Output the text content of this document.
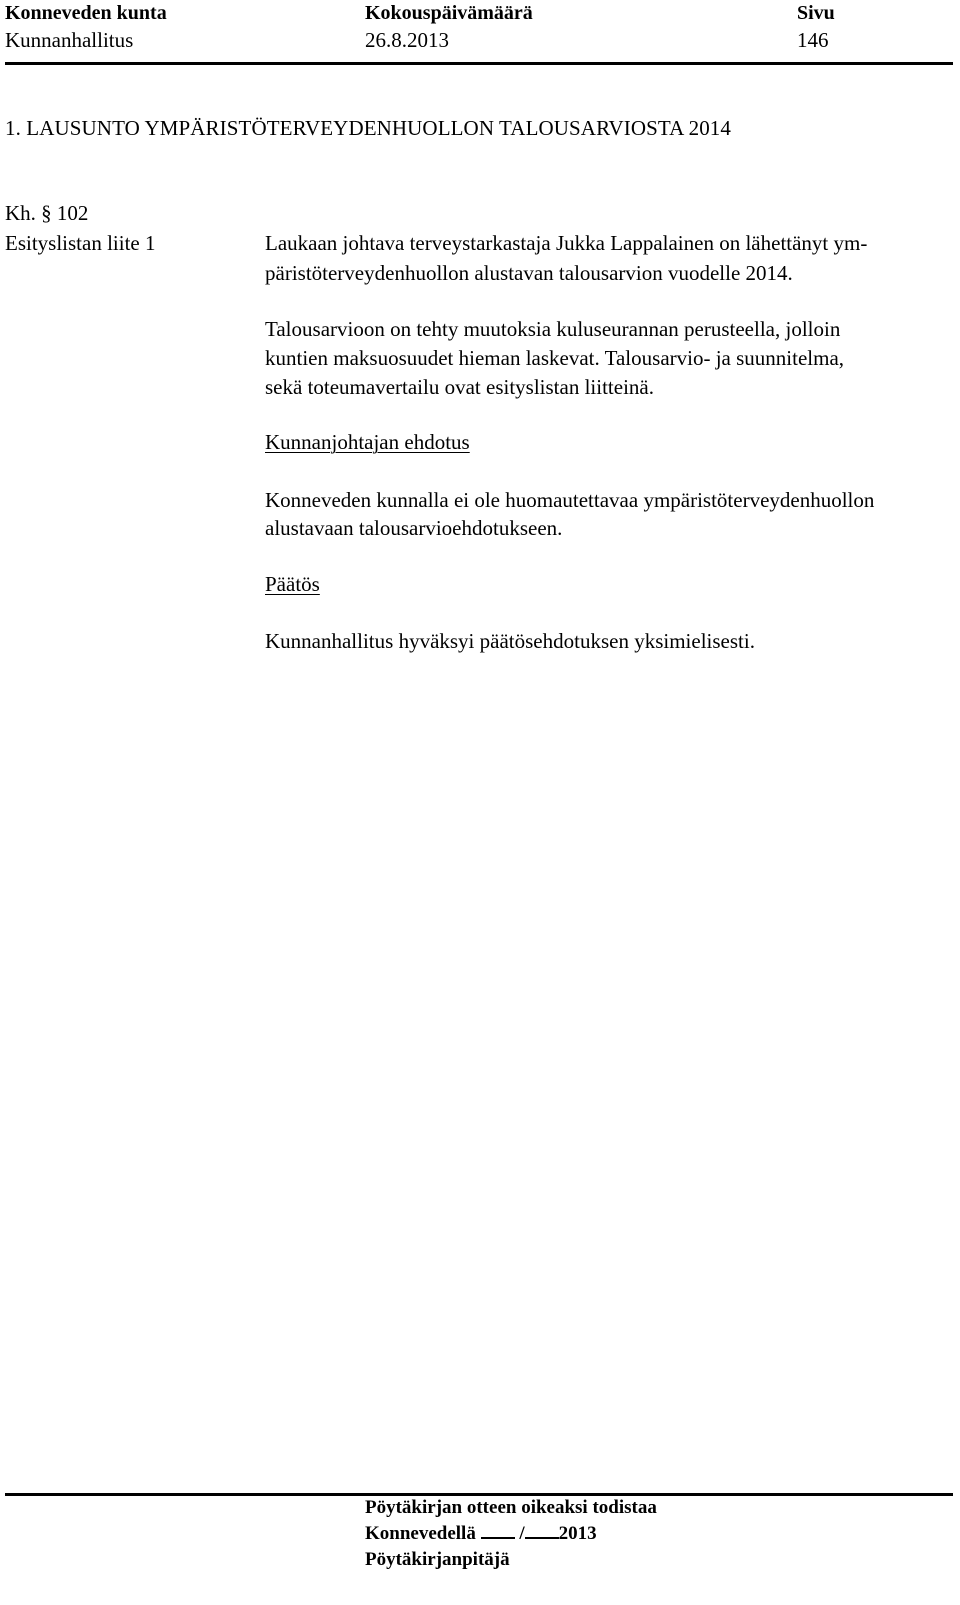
Konneveden kunta	Kokouspäivämäärä	Sivu
Kunnanhallitus	26.8.2013	146
1. LAUSUNTO YMPÄRISTÖTERVEYDENHUOLLON TALOUSARVIOSTA 2014
Kh. § 102
Esityslistan liite 1	Laukaan johtava terveystarkastaja Jukka Lappalainen on lähettänyt ym-
päristöterveydenhuollon alustavan talousarvion vuodelle 2014.
Talousarvioon on tehty muutoksia kuluseurannan perusteella, jolloin
kuntien maksuosuudet hieman laskevat. Talousarvio- ja suunnitelma,
sekä toteumavertailu ovat esityslistan liitteinä.
Kunnanjohtajan ehdotus
Konneveden kunnalla ei ole huomautettavaa ympäristöterveydenhuollon
alustavaan talousarvioehdotukseen.
Päätös
Kunnanhallitus hyväksyi päätösehdotuksen yksimielisesti.
Pöytäkirjan otteen oikeaksi todistaa
Konnevedellä / 2013
Pöytäkirjanpitäjä
